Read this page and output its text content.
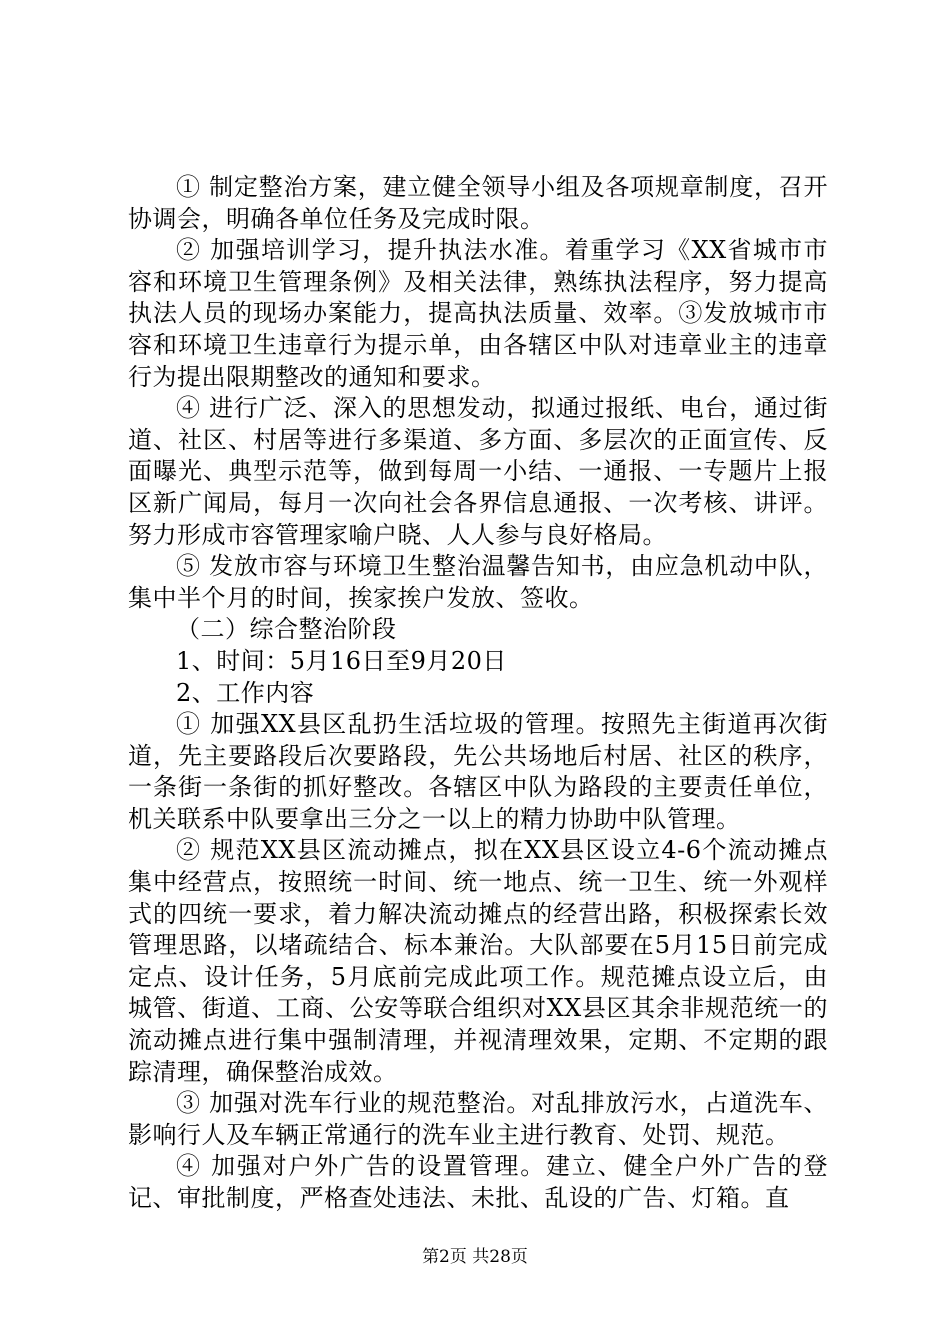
① 制定整治方案，建立健全领导小组及各项规章制度，召开协调会，明确各单位任务及完成时限。

② 加强培训学习，提升执法水准。着重学习《XX省城市市容和环境卫生管理条例》及相关法律，熟练执法程序，努力提高执法人员的现场办案能力，提高执法质量、效率。③发放城市市容和环境卫生违章行为提示单，由各辖区中队对违章业主的违章行为提出限期整改的通知和要求。

④ 进行广泛、深入的思想发动，拟通过报纸、电台，通过街道、社区、村居等进行多渠道、多方面、多层次的正面宣传、反面曝光、典型示范等，做到每周一小结、一通报、一专题片上报区新广闻局，每月一次向社会各界信息通报、一次考核、讲评。努力形成市容管理家喻户晓、人人参与良好格局。

⑤ 发放市容与环境卫生整治温馨告知书，由应急机动中队，集中半个月的时间，挨家挨户发放、签收。

（二）综合整治阶段

1、时间：5月16日至9月20日

2、工作内容

① 加强XX县区乱扔生活垃圾的管理。按照先主街道再次街道，先主要路段后次要路段，先公共场地后村居、社区的秩序，一条街一条街的抓好整改。各辖区中队为路段的主要责任单位，机关联系中队要拿出三分之一以上的精力协助中队管理。

② 规范XX县区流动摊点，拟在XX县区设立4-6个流动摊点集中经营点，按照统一时间、统一地点、统一卫生、统一外观样式的四统一要求，着力解决流动摊点的经营出路，积极探索长效管理思路，以堵疏结合、标本兼治。大队部要在5月15日前完成定点、设计任务，5月底前完成此项工作。规范摊点设立后，由城管、街道、工商、公安等联合组织对XX县区其余非规范统一的流动摊点进行集中强制清理，并视清理效果，定期、不定期的跟踪清理，确保整治成效。

③ 加强对洗车行业的规范整治。对乱排放污水，占道洗车、影响行人及车辆正常通行的洗车业主进行教育、处罚、规范。

④ 加强对户外广告的设置管理。建立、健全户外广告的登记、审批制度，严格查处违法、未批、乱设的广告、灯箱。直

第2页 共28页
